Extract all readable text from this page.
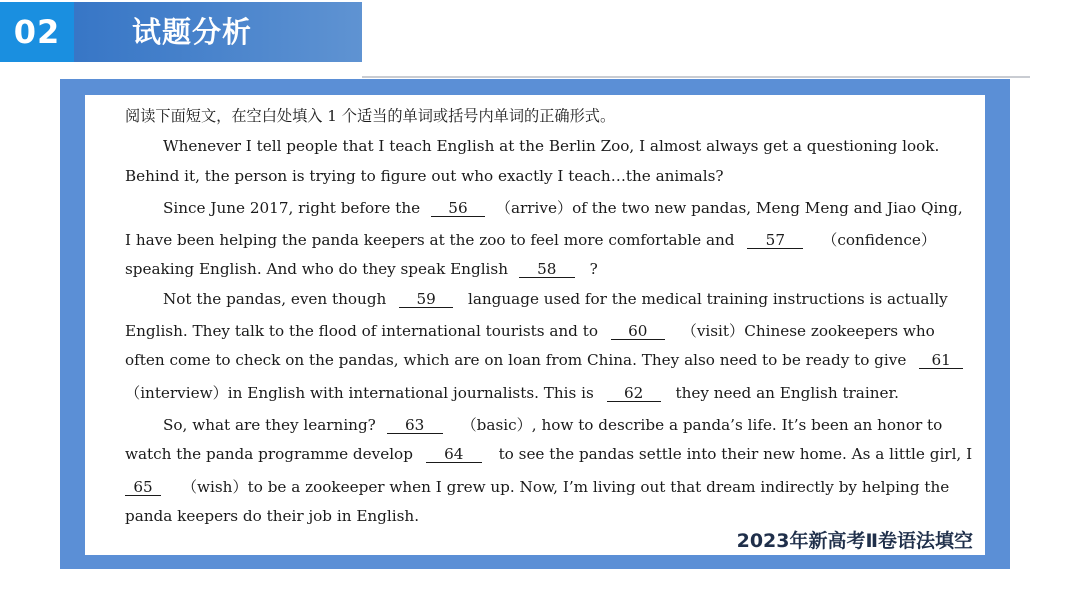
02	试题分析
阅读下面短文，在空白处填入 1 个适当的单词或括号内单词的正确形式。
Whenever I tell people that I teach English at the Berlin Zoo, I almost always get a questioning look.
Behind it, the person is trying to figure out who exactly I teach…the animals?
Since June 2017, right before the 56 （arrive）of the two new pandas, Meng Meng and Jiao Qing,
I have been helping the panda keepers at the zoo to feel more comfortable and 57 （confidence）
speaking English. And who do they speak English 58 ?
Not the pandas, even though 59 language used for the medical training instructions is actually
English. They talk to the flood of international tourists and to 60 （visit）Chinese zookeepers who
often come to check on the pandas, which are on loan from China. They also need to be ready to give 61
（interview）in English with international journalists. This is 62 they need an English trainer.
So, what are they learning? 63 （basic）, how to describe a panda’s life. It’s been an honor to
watch the panda programme develop 64 to see the pandas settle into their new home. As a little girl, I
65 （wish）to be a zookeeper when I grew up. Now, I’m living out that dream indirectly by helping the
panda keepers do their job in English.
2023年新高考Ⅱ卷语法填空
